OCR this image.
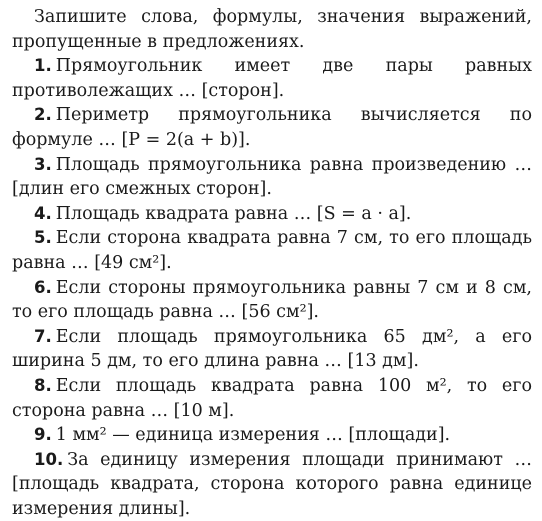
Запишите слова, формулы, значения выражений, пропущенные в предложениях.

1. Прямоугольник имеет две пары равных противолежащих … [сторон].

2. Периметр прямоугольника вычисляется по формуле … [P = 2(a + b)].

3. Площадь прямоугольника равна произведению … [длин его смежных сторон].

4. Площадь квадрата равна … [S = a · a].

5. Если сторона квадрата равна 7 см, то его площадь равна … [49 см²].

6. Если стороны прямоугольника равны 7 см и 8 см, то его площадь равна … [56 см²].

7. Если площадь прямоугольника 65 дм², а его ширина 5 дм, то его длина равна … [13 дм].

8. Если площадь квадрата равна 100 м², то его сторона равна … [10 м].

9. 1 мм² — единица измерения … [площади].

10. За единицу измерения площади принимают … [площадь квадрата, сторона которого равна единице измерения длины].
